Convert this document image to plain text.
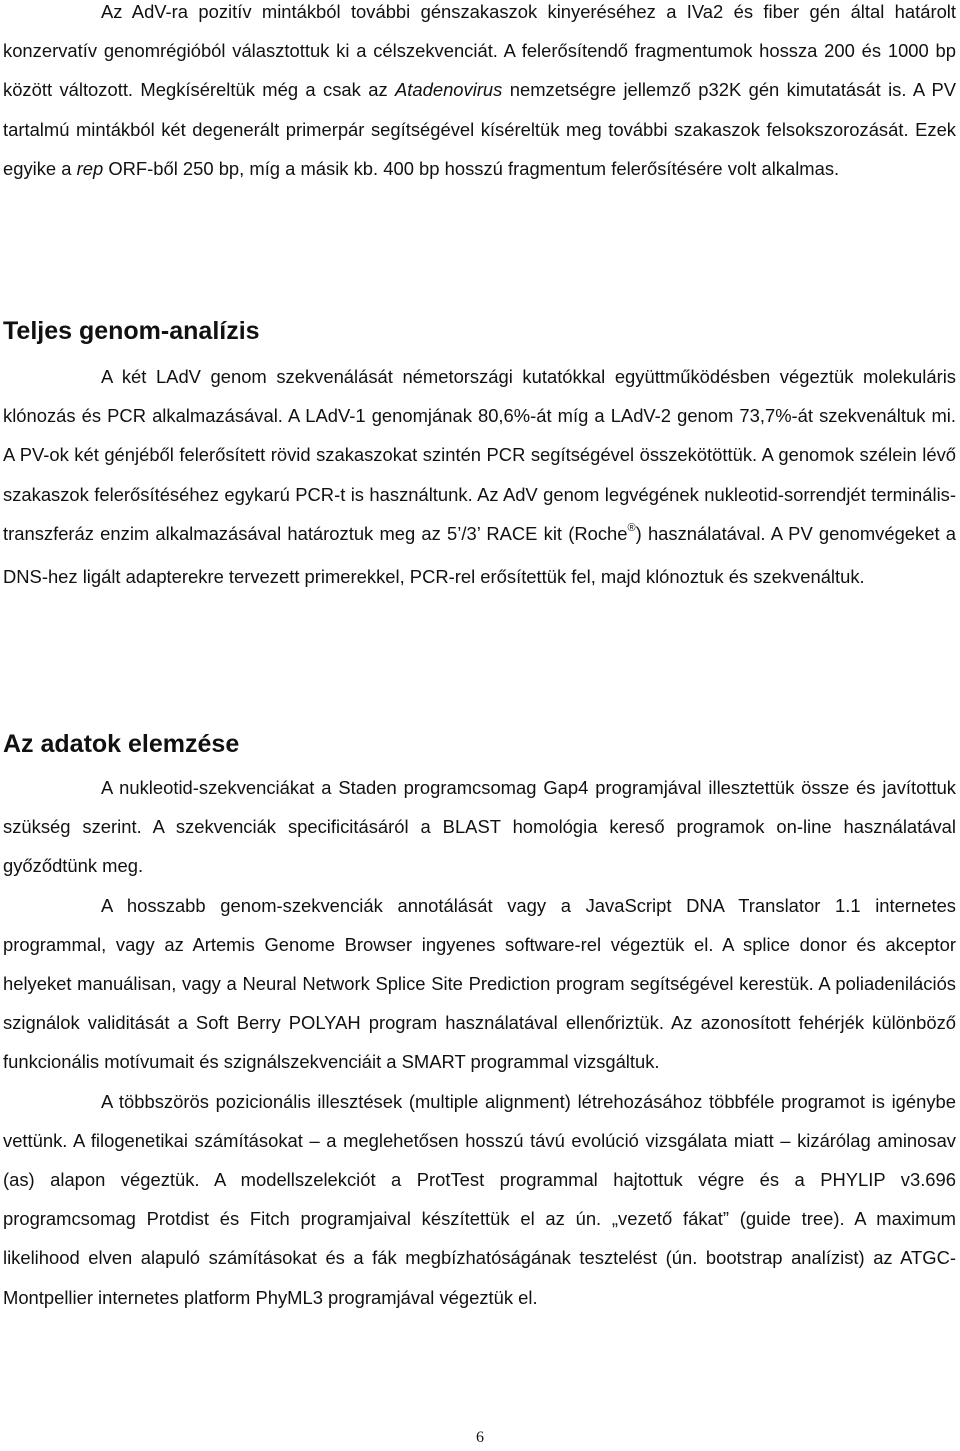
Az AdV-ra pozitív mintákból további génszakaszok kinyeréséhez a IVa2 és fiber gén által határolt konzervatív genomrégióból választottuk ki a célszekvenciát. A felerősítendő fragmentumok hossza 200 és 1000 bp között változott. Megkíséreltük még a csak az Atadenovirus nemzetségre jellemző p32K gén kimutatását is. A PV tartalmú mintákból két degenerált primerpár segítségével kíséreltük meg további szakaszok felsokszorozását. Ezek egyike a rep ORF-ből 250 bp, míg a másik kb. 400 bp hosszú fragmentum felerősítésére volt alkalmas.

Teljes genom-analízis

A két LAdV genom szekvenálását németországi kutatókkal együttműködésben végeztük molekuláris klónozás és PCR alkalmazásával. A LAdV-1 genomjának 80,6%-át míg a LAdV-2 genom 73,7%-át szekvenáltuk mi. A PV-ok két génjéből felerősített rövid szakaszokat szintén PCR segítségével összekötöttük. A genomok szélein lévő szakaszok felerősítéséhez egykarú PCR-t is használtunk. Az AdV genom legvégének nukleotid-sorrendjét terminális-transzferáz enzim alkalmazásával határoztuk meg az 5’/3’ RACE kit (Roche®) használatával. A PV genomvégeket a DNS-hez ligált adapterekre tervezett primerekkel, PCR-rel erősítettük fel, majd klónoztuk és szekvenáltuk.

Az adatok elemzése

A nukleotid-szekvenciákat a Staden programcsomag Gap4 programjával illesztettük össze és javítottuk szükség szerint. A szekvenciák specificitásáról a BLAST homológia kereső programok on-line használatával győződtünk meg.

A hosszabb genom-szekvenciák annotálását vagy a JavaScript DNA Translator 1.1 internetes programmal, vagy az Artemis Genome Browser ingyenes software-rel végeztük el. A splice donor és akceptor helyeket manuálisan, vagy a Neural Network Splice Site Prediction program segítségével kerestük. A poliadenilációs szignálok validitását a Soft Berry POLYAH program használatával ellenőriztük. Az azonosított fehérjék különböző funkcionális motívumait és szignálszekvenciáit a SMART programmal vizsgáltuk.

A többszörös pozicionális illesztések (multiple alignment) létrehozásához többféle programot is igénybe vettünk. A filogenetikai számításokat – a meglehetősen hosszú távú evolúció vizsgálata miatt – kizárólag aminosav (as) alapon végeztük. A modellszelekciót a ProtTest programmal hajtottuk végre és a PHYLIP v3.696 programcsomag Protdist és Fitch programjaival készítettük el az ún. „vezető fákat” (guide tree). A maximum likelihood elven alapuló számításokat és a fák megbízhatóságának tesztelést (ún. bootstrap analízist) az ATGC-Montpellier internetes platform PhyML3 programjával végeztük el.

6
